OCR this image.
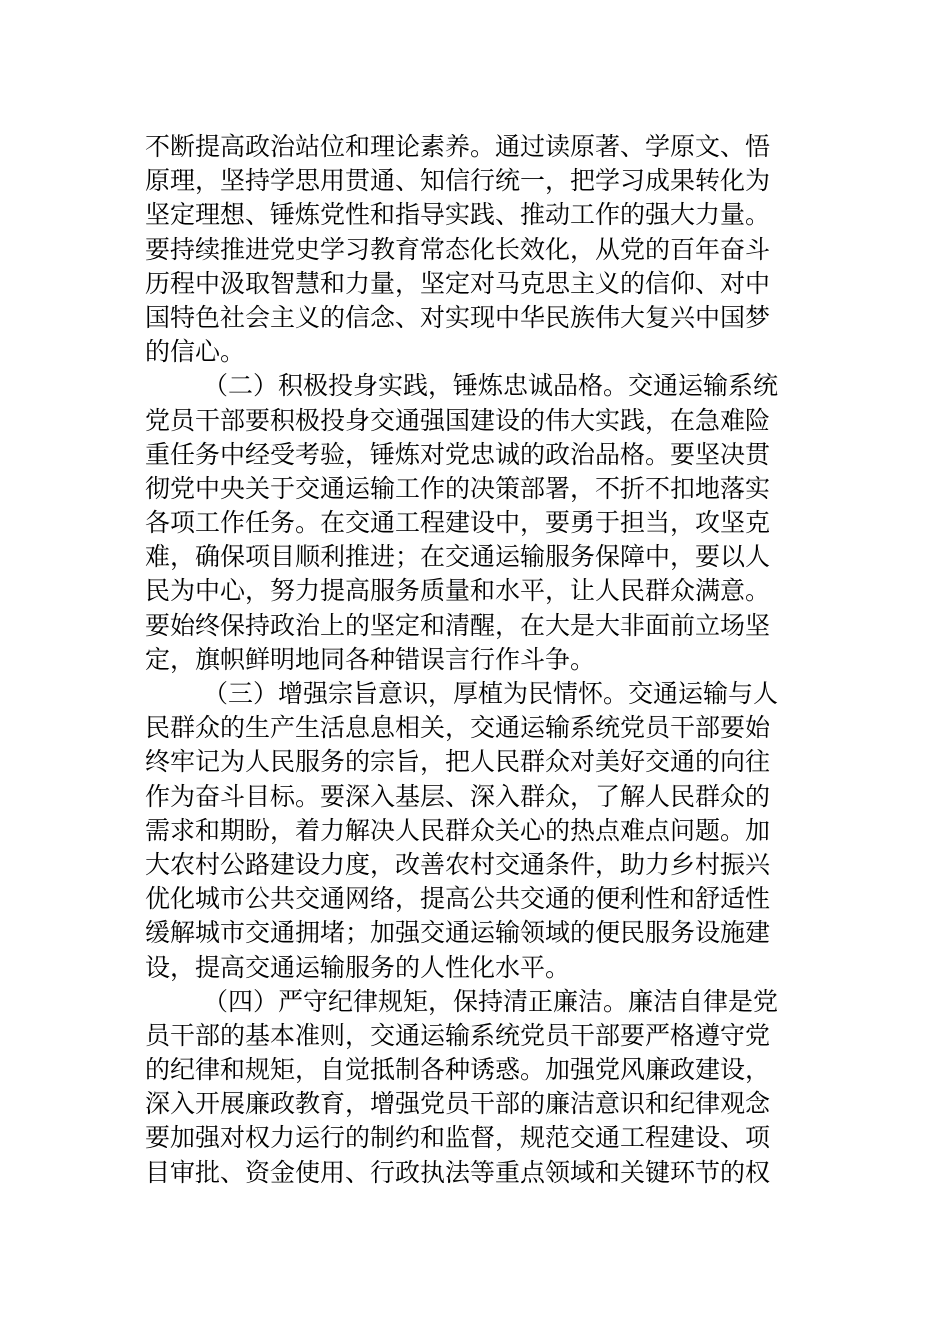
不断提高政治站位和理论素养。通过读原著、学原文、悟
原理，坚持学思用贯通、知信行统一，把学习成果转化为
坚定理想、锤炼党性和指导实践、推动工作的强大力量。
要持续推进党史学习教育常态化长效化，从党的百年奋斗
历程中汲取智慧和力量，坚定对马克思主义的信仰、对中
国特色社会主义的信念、对实现中华民族伟大复兴中国梦
的信心。
（二）积极投身实践，锤炼忠诚品格。交通运输系统
党员干部要积极投身交通强国建设的伟大实践，在急难险
重任务中经受考验，锤炼对党忠诚的政治品格。要坚决贯
彻党中央关于交通运输工作的决策部署，不折不扣地落实
各项工作任务。在交通工程建设中，要勇于担当，攻坚克
难，确保项目顺利推进；在交通运输服务保障中，要以人
民为中心，努力提高服务质量和水平，让人民群众满意。
要始终保持政治上的坚定和清醒，在大是大非面前立场坚
定，旗帜鲜明地同各种错误言行作斗争。
（三）增强宗旨意识，厚植为民情怀。交通运输与人
民群众的生产生活息息相关，交通运输系统党员干部要始
终牢记为人民服务的宗旨，把人民群众对美好交通的向往
作为奋斗目标。要深入基层、深入群众，了解人民群众的
需求和期盼，着力解决人民群众关心的热点难点问题。加
大农村公路建设力度，改善农村交通条件，助力乡村振兴
优化城市公共交通网络，提高公共交通的便利性和舒适性
缓解城市交通拥堵；加强交通运输领域的便民服务设施建
设，提高交通运输服务的人性化水平。
（四）严守纪律规矩，保持清正廉洁。廉洁自律是党
员干部的基本准则，交通运输系统党员干部要严格遵守党
的纪律和规矩，自觉抵制各种诱惑。加强党风廉政建设，
深入开展廉政教育，增强党员干部的廉洁意识和纪律观念
要加强对权力运行的制约和监督，规范交通工程建设、项
目审批、资金使用、行政执法等重点领域和关键环节的权
